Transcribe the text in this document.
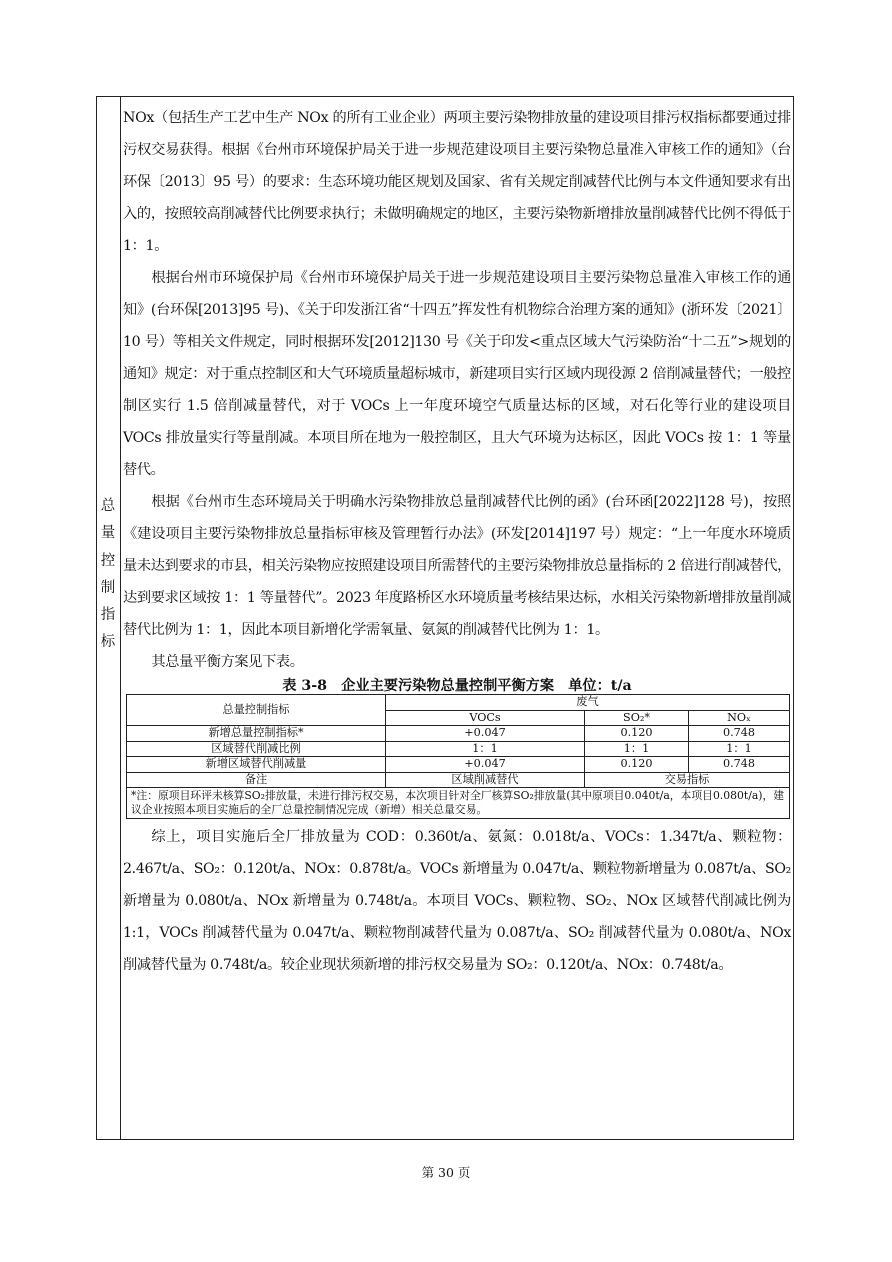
总
量
控
制
指
标

NOx（包括生产工艺中生产 NOx 的所有工业企业）两项主要污染物排放量的建设项目排污权指标都要通过排污权交易获得。根据《台州市环境保护局关于进一步规范建设项目主要污染物总量准入审核工作的通知》（台环保〔2013〕95 号）的要求：生态环境功能区规划及国家、省有关规定削减替代比例与本文件通知要求有出入的，按照较高削减替代比例要求执行；未做明确规定的地区，主要污染物新增排放量削减替代比例不得低于 1：1。

根据台州市环境保护局《台州市环境保护局关于进一步规范建设项目主要污染物总量准入审核工作的通知》(台环保[2013]95 号)、《关于印发浙江省“十四五”挥发性有机物综合治理方案的通知》(浙环发〔2021〕10 号）等相关文件规定，同时根据环发[2012]130 号《关于印发<重点区域大气污染防治“十二五”>规划的通知》规定：对于重点控制区和大气环境质量超标城市，新建项目实行区域内现役源 2 倍削减量替代；一般控制区实行 1.5 倍削减量替代，对于 VOCs 上一年度环境空气质量达标的区域，对石化等行业的建设项目 VOCs 排放量实行等量削减。本项目所在地为一般控制区，且大气环境为达标区，因此 VOCs 按 1：1 等量替代。

根据《台州市生态环境局关于明确水污染物排放总量削减替代比例的函》(台环函[2022]128 号)，按照《建设项目主要污染物排放总量指标审核及管理暂行办法》(环发[2014]197 号）规定：“上一年度水环境质量未达到要求的市县，相关污染物应按照建设项目所需替代的主要污染物排放总量指标的 2 倍进行削减替代，达到要求区域按 1：1 等量替代”。2023 年度路桥区水环境质量考核结果达标，水相关污染物新增排放量削减替代比例为 1：1，因此本项目新增化学需氧量、氨氮的削减替代比例为 1：1。

其总量平衡方案见下表。

表 3-8　企业主要污染物总量控制平衡方案　单位：t/a
总量控制指标	废气		
	VOCs	SO₂*	NOₓ
新增总量控制指标*	+0.047	0.120	0.748
区域替代削减比例	1：1	1：1	1：1
新增区域替代削减量	+0.047	0.120	0.748
备注	区域削减替代	交易指标	
*注：原项目环评未核算SO₂排放量，未进行排污权交易，本次项目针对全厂核算SO₂排放量(其中原项目0.040t/a，本项目0.080t/a)，建议企业按照本项目实施后的全厂总量控制情况完成（新增）相关总量交易。			

综上，项目实施后全厂排放量为 COD：0.360t/a、氨氮：0.018t/a、VOCs：1.347t/a、颗粒物：2.467t/a、SO₂：0.120t/a、NOx：0.878t/a。VOCs 新增量为 0.047t/a、颗粒物新增量为 0.087t/a、SO₂新增量为 0.080t/a、NOx 新增量为 0.748t/a。本项目 VOCs、颗粒物、SO₂、NOx 区域替代削减比例为 1:1，VOCs 削减替代量为 0.047t/a、颗粒物削减替代量为 0.087t/a、SO₂ 削减替代量为 0.080t/a、NOx 削减替代量为 0.748t/a。较企业现状须新增的排污权交易量为 SO₂：0.120t/a、NOx：0.748t/a。

第 30 页
